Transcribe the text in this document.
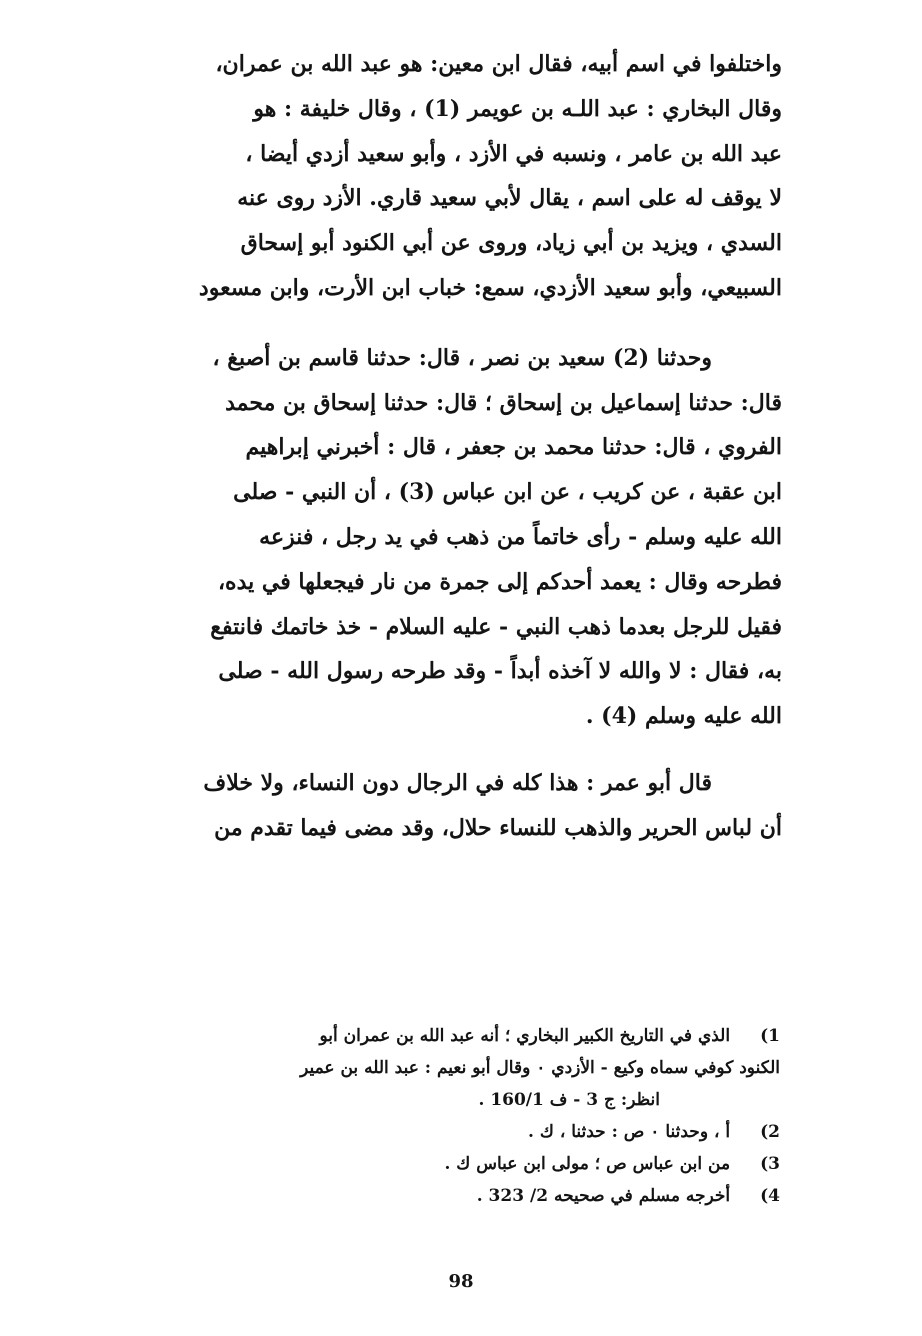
واختلفوا في اسم أبيه، فقال ابن معين: هو عبد الله بن عمران،
وقال البخاري : عبد اللـه بن عويمر (1) ، وقال خليفة : هو
عبد الله بن عامر ، ونسبه في الأزد ، وأبو سعيد أزدي أيضا ،
لا يوقف له على اسم ، يقال لأبي سعيد قاري. الأزد روى عنه
السدي ، ويزيد بن أبي زياد، وروى عن أبي الكنود أبو إسحاق
السبيعي، وأبو سعيد الأزدي، سمع: خباب ابن الأرت، وابن مسعود

وحدثنا (2) سعيد بن نصر ، قال: حدثنا قاسم بن أصبغ ،
قال: حدثنا إسماعيل بن إسحاق ؛ قال: حدثنا إسحاق بن محمد
الفروي ، قال: حدثنا محمد بن جعفر ، قال : أخبرني إبراهيم
ابن عقبة ، عن كريب ، عن ابن عباس (3) ، أن النبي - صلى
الله عليه وسلم - رأى خاتماً من ذهب في يد رجل ، فنزعه
فطرحه وقال : يعمد أحدكم إلى جمرة من نار فيجعلها في يده،
فقيل للرجل بعدما ذهب النبي - عليه السلام - خذ خاتمك فانتفع
به، فقال : لا والله لا آخذه أبداً - وقد طرحه رسول الله - صلى
الله عليه وسلم (4) .

قال أبو عمر : هذا كله في الرجال دون النساء، ولا خلاف
أن لباس الحرير والذهب للنساء حلال، وقد مضى فيما تقدم من

1) الذي في التاريخ الكبير البخاري ؛ أنه عبد الله بن عمران أبو
الكنود كوفي سماه وكيع - الأزدي ٠ وقال أبو نعيم : عبد الله بن عمير
انظر: ج 3 - ف 160/1 .
2) أ ، وحدثنا ٠ ص : حدثنا ، ك .
3) من ابن عباس ص ؛ مولى ابن عباس ك .
4) أخرجه مسلم في صحيحه 2/ 323 .
98
